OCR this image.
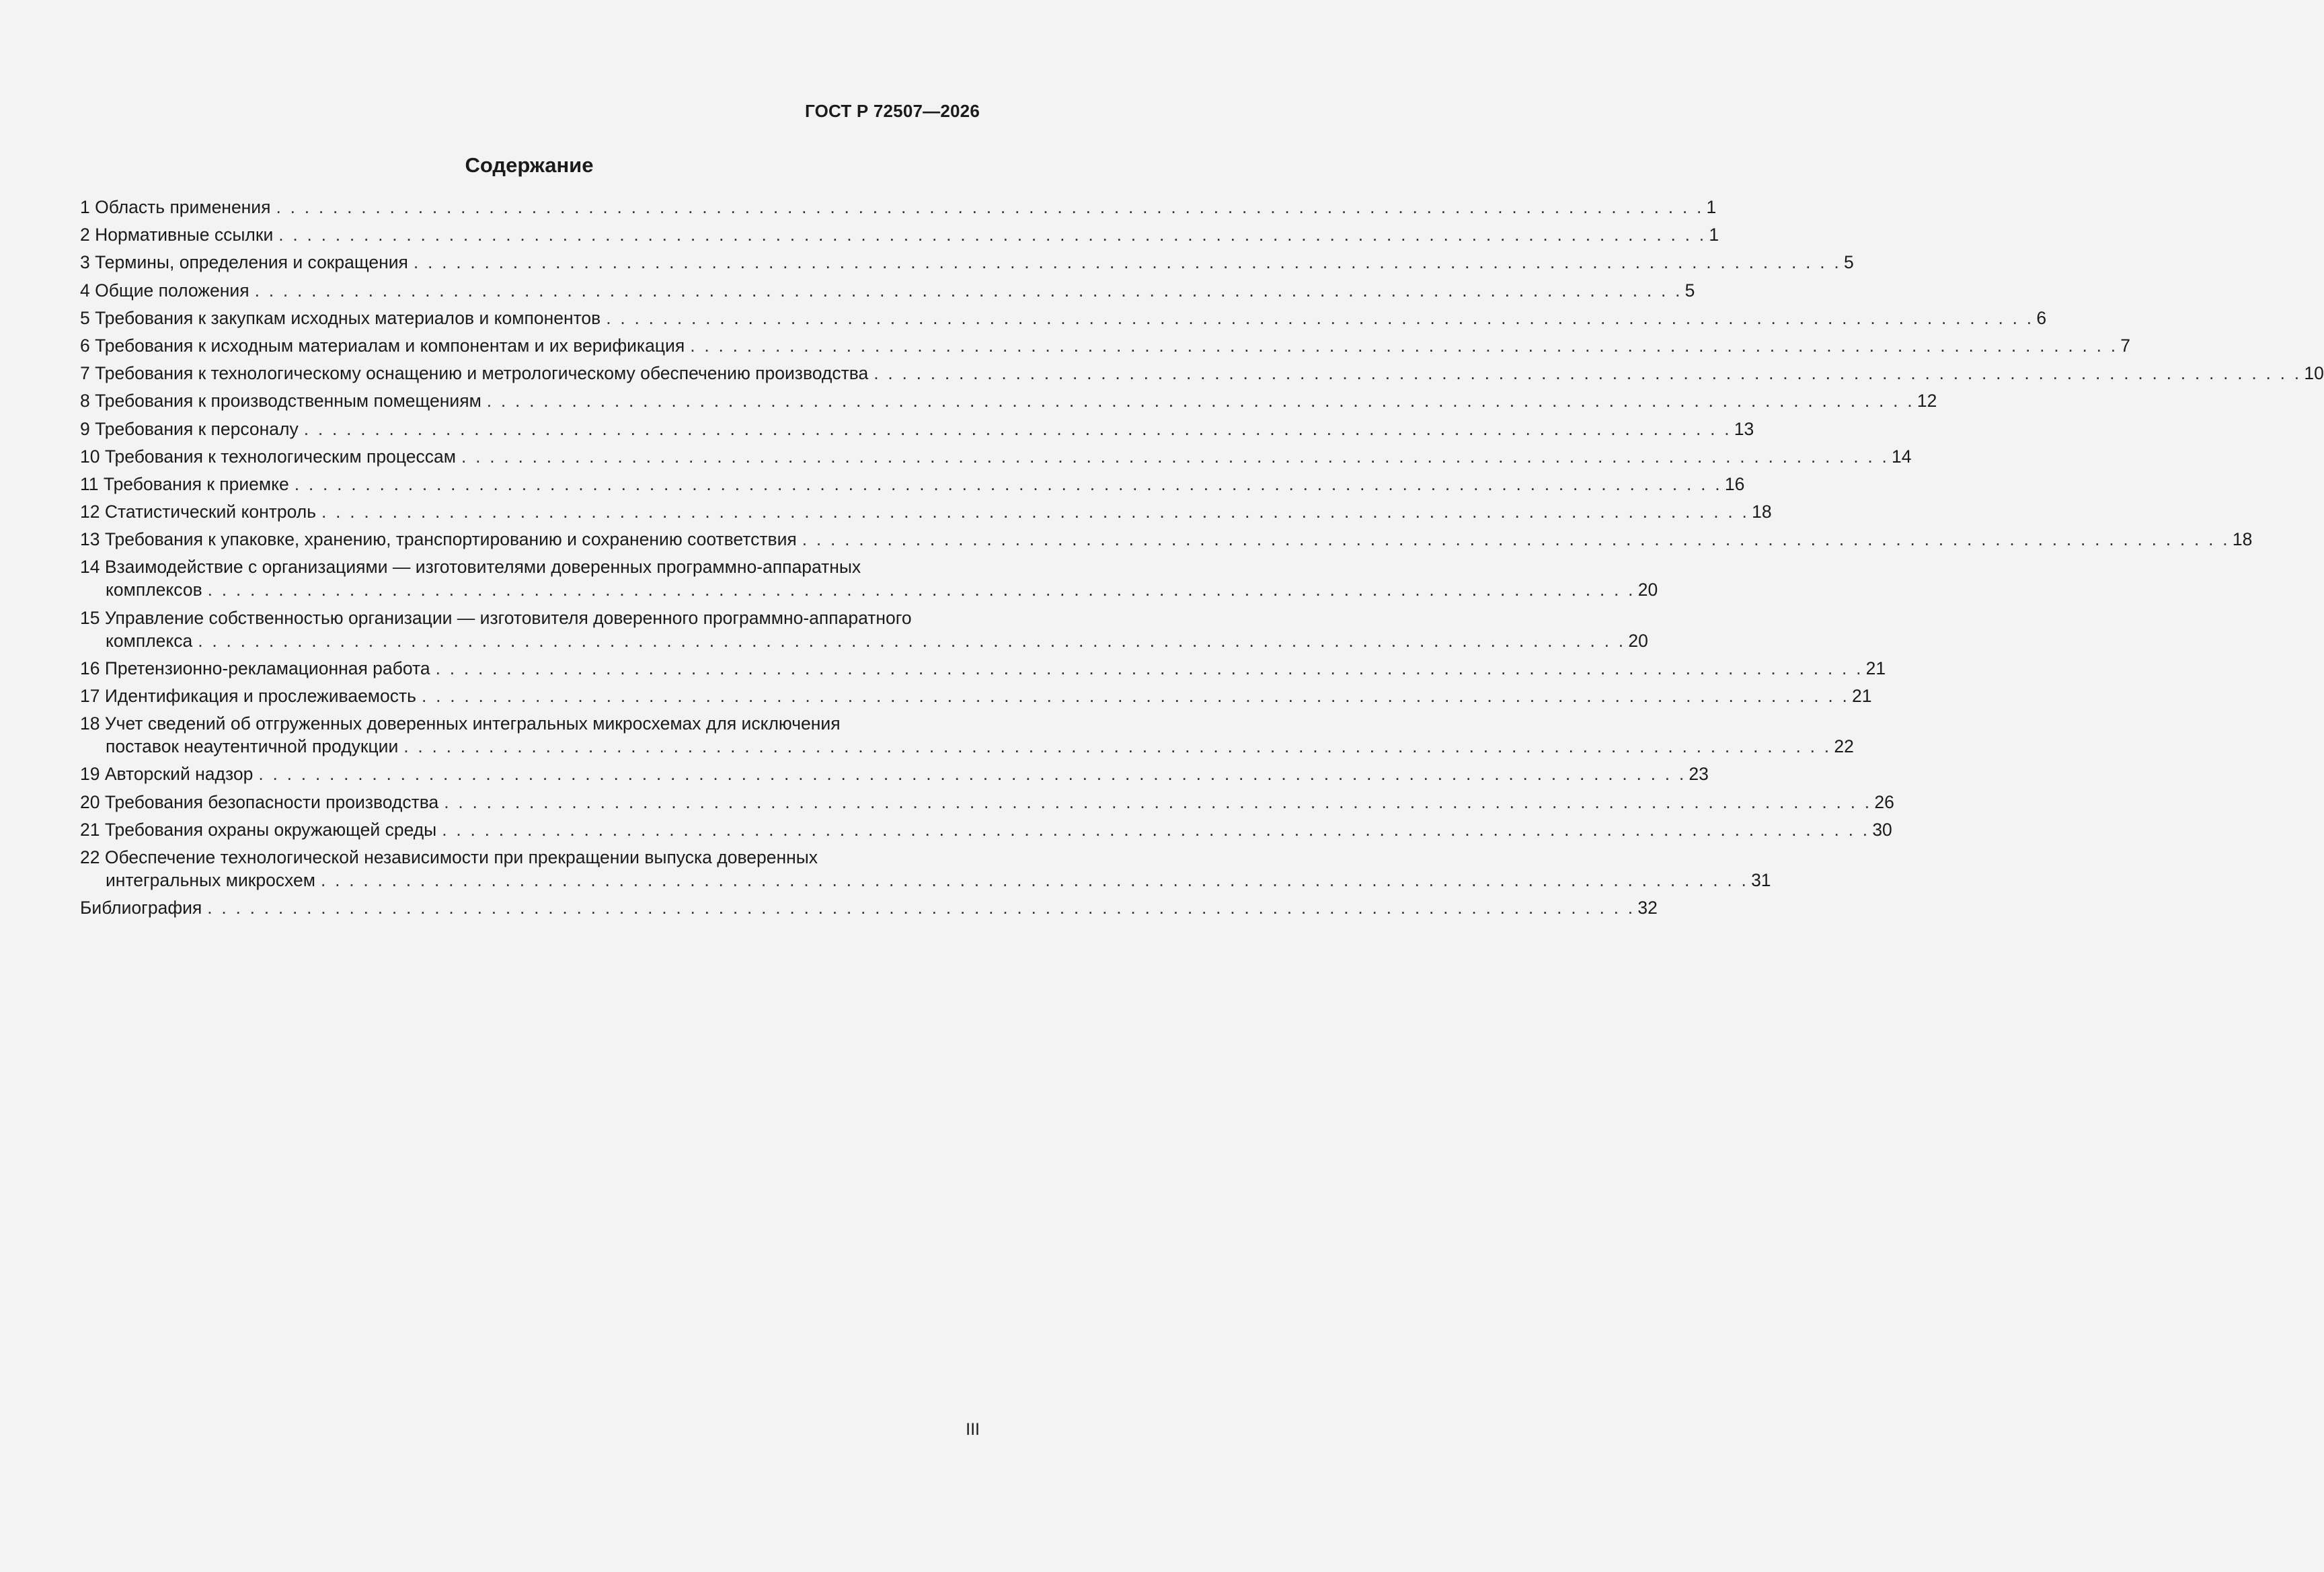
ГОСТ Р 72507—2026
Содержание
1 Область применения . . . . . . . . . . . . . . . . . . . . . . . . . . . . . . . . . . . . . . . . . . . . . . . . . . . . . . . . . . . . . . . . . . . . . . . . . . . . . . . . . . . . . . . . . . . . . . . . . . . . . 1
2 Нормативные ссылки . . . . . . . . . . . . . . . . . . . . . . . . . . . . . . . . . . . . . . . . . . . . . . . . . . . . . . . . . . . . . . . . . . . . . . . . . . . . . . . . . . . . . . . . . . . . . . . . . . . . . 1
3 Термины, определения и сокращения . . . . . . . . . . . . . . . . . . . . . . . . . . . . . . . . . . . . . . . . . . . . . . . . . . . . . . . . . . . . . . . . . . . . . . . . . . . . . . . . . . . . . . . . . . . . . . . . . . . . . 5
4 Общие положения . . . . . . . . . . . . . . . . . . . . . . . . . . . . . . . . . . . . . . . . . . . . . . . . . . . . . . . . . . . . . . . . . . . . . . . . . . . . . . . . . . . . . . . . . . . . . . . . . . . . . 5
5 Требования к закупкам исходных материалов и компонентов . . . . . . . . . . . . . . . . . . . . . . . . . . . . . . . . . . . . . . . . . . . . . . . . . . . . . . . . . . . . . . . . . . . . . . . . . . . . . . . . . . . . . . . . . . . . . . . . . . . . . 6
6 Требования к исходным материалам и компонентам и их верификация . . . . . . . . . . . . . . . . . . . . . . . . . . . . . . . . . . . . . . . . . . . . . . . . . . . . . . . . . . . . . . . . . . . . . . . . . . . . . . . . . . . . . . . . . . . . . . . . . . . . . 7
7 Требования к технологическому оснащению и метрологическому обеспечению производства . . . . . . . . . . . . . . . . . . . . . . . . . . . . . . . . . . . . . . . . . . . . . . . . . . . . . . . . . . . . . . . . . . . . . . . . . . . . . . . . . . . . . . . . . . . . . . . . . . . . . 10
8 Требования к производственным помещениям . . . . . . . . . . . . . . . . . . . . . . . . . . . . . . . . . . . . . . . . . . . . . . . . . . . . . . . . . . . . . . . . . . . . . . . . . . . . . . . . . . . . . . . . . . . . . . . . . . . . . 12
9 Требования к персоналу . . . . . . . . . . . . . . . . . . . . . . . . . . . . . . . . . . . . . . . . . . . . . . . . . . . . . . . . . . . . . . . . . . . . . . . . . . . . . . . . . . . . . . . . . . . . . . . . . . . . . 13
10 Требования к технологическим процессам . . . . . . . . . . . . . . . . . . . . . . . . . . . . . . . . . . . . . . . . . . . . . . . . . . . . . . . . . . . . . . . . . . . . . . . . . . . . . . . . . . . . . . . . . . . . . . . . . . . . . 14
11 Требования к приемке . . . . . . . . . . . . . . . . . . . . . . . . . . . . . . . . . . . . . . . . . . . . . . . . . . . . . . . . . . . . . . . . . . . . . . . . . . . . . . . . . . . . . . . . . . . . . . . . . . . . . 16
12 Статистический контроль . . . . . . . . . . . . . . . . . . . . . . . . . . . . . . . . . . . . . . . . . . . . . . . . . . . . . . . . . . . . . . . . . . . . . . . . . . . . . . . . . . . . . . . . . . . . . . . . . . . . . 18
13 Требования к упаковке, хранению, транспортированию и сохранению соответствия . . . . . . . . . . . . . . . . . . . . . . . . . . . . . . . . . . . . . . . . . . . . . . . . . . . . . . . . . . . . . . . . . . . . . . . . . . . . . . . . . . . . . . . . . . . . . . . . . . . . . 18
14 Взаимодействие с организациями — изготовителями доверенных программно-аппаратных
комплексов . . . . . . . . . . . . . . . . . . . . . . . . . . . . . . . . . . . . . . . . . . . . . . . . . . . . . . . . . . . . . . . . . . . . . . . . . . . . . . . . . . . . . . . . . . . . . . . . . . . . . 20
15 Управление собственностью организации — изготовителя доверенного программно-аппаратного
комплекса . . . . . . . . . . . . . . . . . . . . . . . . . . . . . . . . . . . . . . . . . . . . . . . . . . . . . . . . . . . . . . . . . . . . . . . . . . . . . . . . . . . . . . . . . . . . . . . . . . . . . 20
16 Претензионно-рекламационная работа . . . . . . . . . . . . . . . . . . . . . . . . . . . . . . . . . . . . . . . . . . . . . . . . . . . . . . . . . . . . . . . . . . . . . . . . . . . . . . . . . . . . . . . . . . . . . . . . . . . . . 21
17 Идентификация и прослеживаемость . . . . . . . . . . . . . . . . . . . . . . . . . . . . . . . . . . . . . . . . . . . . . . . . . . . . . . . . . . . . . . . . . . . . . . . . . . . . . . . . . . . . . . . . . . . . . . . . . . . . . 21
18 Учет сведений об отгруженных доверенных интегральных микросхемах для исключения
поставок неаутентичной продукции . . . . . . . . . . . . . . . . . . . . . . . . . . . . . . . . . . . . . . . . . . . . . . . . . . . . . . . . . . . . . . . . . . . . . . . . . . . . . . . . . . . . . . . . . . . . . . . . . . . . . 22
19 Авторский надзор . . . . . . . . . . . . . . . . . . . . . . . . . . . . . . . . . . . . . . . . . . . . . . . . . . . . . . . . . . . . . . . . . . . . . . . . . . . . . . . . . . . . . . . . . . . . . . . . . . . . . 23
20 Требования безопасности производства . . . . . . . . . . . . . . . . . . . . . . . . . . . . . . . . . . . . . . . . . . . . . . . . . . . . . . . . . . . . . . . . . . . . . . . . . . . . . . . . . . . . . . . . . . . . . . . . . . . . . 26
21 Требования охраны окружающей среды . . . . . . . . . . . . . . . . . . . . . . . . . . . . . . . . . . . . . . . . . . . . . . . . . . . . . . . . . . . . . . . . . . . . . . . . . . . . . . . . . . . . . . . . . . . . . . . . . . . . . 30
22 Обеспечение технологической независимости при прекращении выпуска доверенных
интегральных микросхем . . . . . . . . . . . . . . . . . . . . . . . . . . . . . . . . . . . . . . . . . . . . . . . . . . . . . . . . . . . . . . . . . . . . . . . . . . . . . . . . . . . . . . . . . . . . . . . . . . . . . 31
Библиография . . . . . . . . . . . . . . . . . . . . . . . . . . . . . . . . . . . . . . . . . . . . . . . . . . . . . . . . . . . . . . . . . . . . . . . . . . . . . . . . . . . . . . . . . . . . . . . . . . . . . 32
III
